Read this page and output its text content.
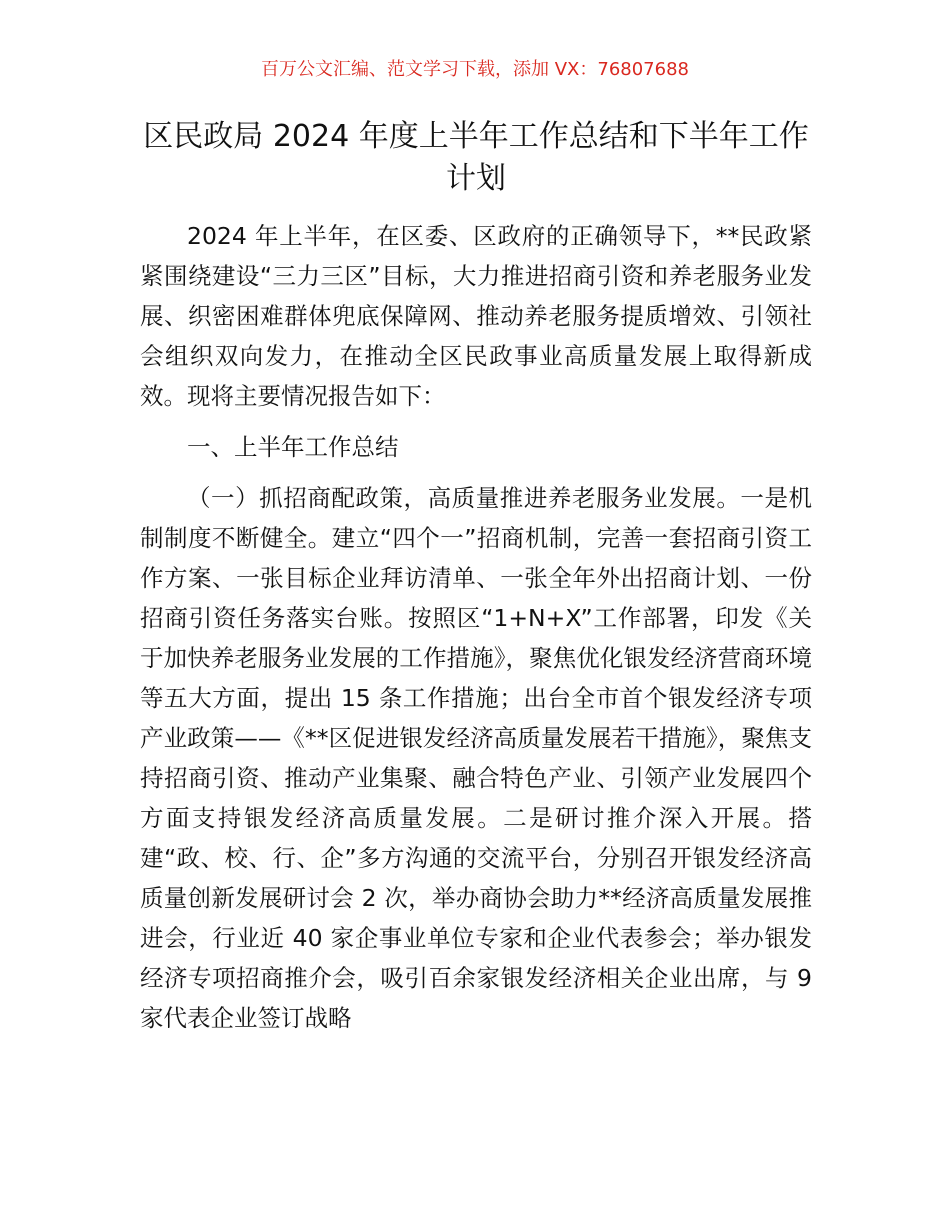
百万公文汇编、范文学习下载，添加 VX：76807688
区民政局 2024 年度上半年工作总结和下半年工作计划

2024 年上半年，在区委、区政府的正确领导下，**民政紧紧围绕建设“三力三区”目标，大力推进招商引资和养老服务业发展、织密困难群体兜底保障网、推动养老服务提质增效、引领社会组织双向发力，在推动全区民政事业高质量发展上取得新成效。现将主要情况报告如下：

一、上半年工作总结

（一）抓招商配政策，高质量推进养老服务业发展。一是机制制度不断健全。建立“四个一”招商机制，完善一套招商引资工作方案、一张目标企业拜访清单、一张全年外出招商计划、一份招商引资任务落实台账。按照区“1+N+X”工作部署，印发《关于加快养老服务业发展的工作措施》，聚焦优化银发经济营商环境等五大方面，提出 15 条工作措施；出台全市首个银发经济专项产业政策——《**区促进银发经济高质量发展若干措施》，聚焦支持招商引资、推动产业集聚、融合特色产业、引领产业发展四个方面支持银发经济高质量发展。二是研讨推介深入开展。搭建“政、校、行、企”多方沟通的交流平台，分别召开银发经济高质量创新发展研讨会 2 次，举办商协会助力**经济高质量发展推进会，行业近 40 家企事业单位专家和企业代表参会；举办银发经济专项招商推介会，吸引百余家银发经济相关企业出席，与 9 家代表企业签订战略
